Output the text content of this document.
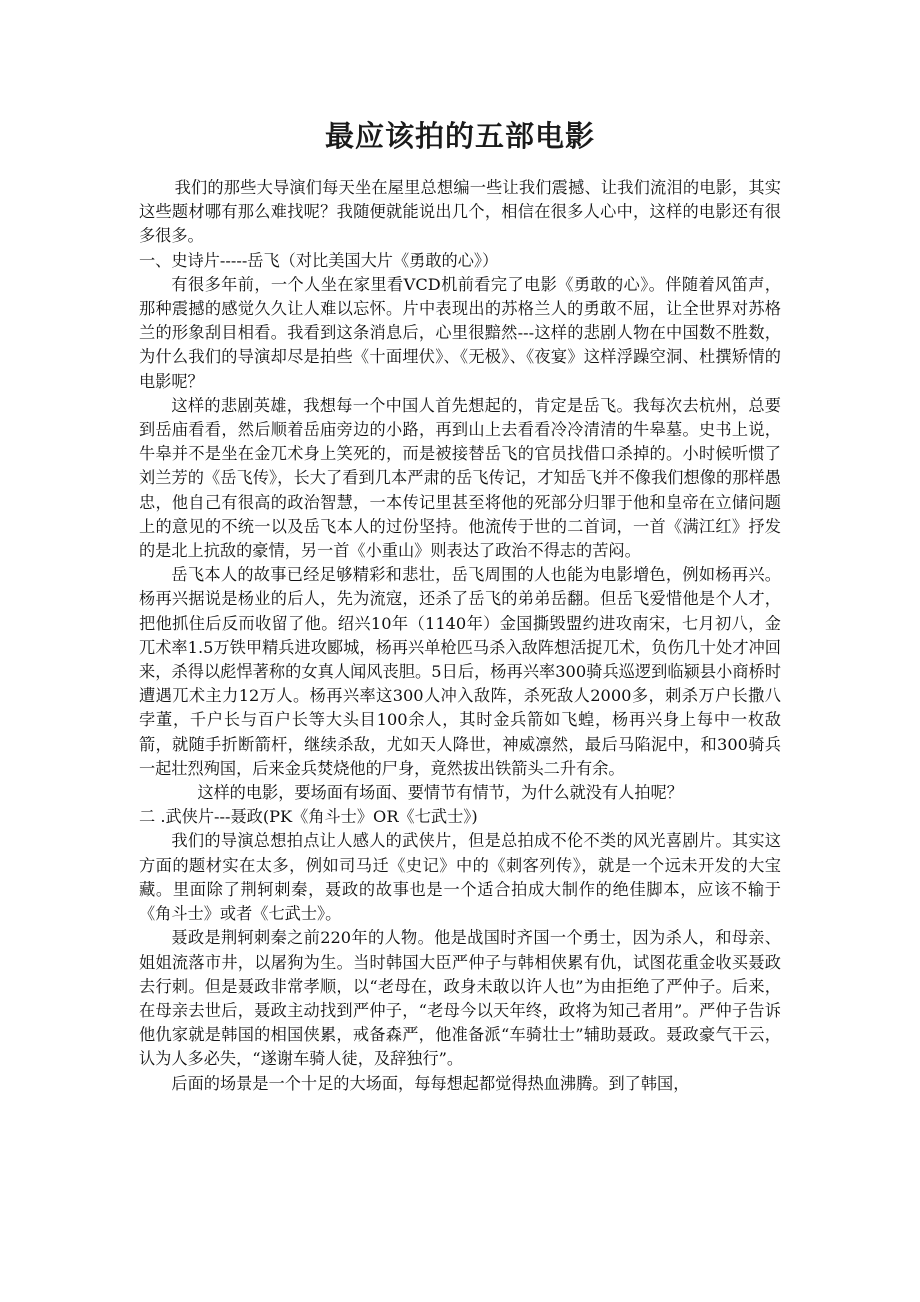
最应该拍的五部电影

我们的那些大导演们每天坐在屋里总想编一些让我们震撼、让我们流泪的电影，其实这些题材哪有那么难找呢？我随便就能说出几个，相信在很多人心中，这样的电影还有很多很多。

一、史诗片-----岳飞（对比美国大片《勇敢的心》）

有很多年前，一个人坐在家里看VCD机前看完了电影《勇敢的心》。伴随着风笛声，那种震撼的感觉久久让人难以忘怀。片中表现出的苏格兰人的勇敢不屈，让全世界对苏格兰的形象刮目相看。我看到这条消息后，心里很黯然---这样的悲剧人物在中国数不胜数，为什么我们的导演却尽是拍些《十面埋伏》、《无极》、《夜宴》这样浮躁空洞、杜撰矫情的电影呢？

这样的悲剧英雄，我想每一个中国人首先想起的，肯定是岳飞。我每次去杭州，总要到岳庙看看，然后顺着岳庙旁边的小路，再到山上去看看冷冷清清的牛皋墓。史书上说，牛皋并不是坐在金兀术身上笑死的，而是被接替岳飞的官员找借口杀掉的。小时候听惯了刘兰芳的《岳飞传》，长大了看到几本严肃的岳飞传记，才知岳飞并不像我们想像的那样愚忠，他自己有很高的政治智慧，一本传记里甚至将他的死部分归罪于他和皇帝在立储问题上的意见的不统一以及岳飞本人的过份坚持。他流传于世的二首词，一首《满江红》抒发的是北上抗敌的豪情，另一首《小重山》则表达了政治不得志的苦闷。

岳飞本人的故事已经足够精彩和悲壮，岳飞周围的人也能为电影增色，例如杨再兴。杨再兴据说是杨业的后人，先为流寇，还杀了岳飞的弟弟岳翻。但岳飞爱惜他是个人才，把他抓住后反而收留了他。绍兴10年（1140年）金国撕毁盟约进攻南宋，七月初八，金兀术率1.5万铁甲精兵进攻郾城，杨再兴单枪匹马杀入敌阵想活捉兀术，负伤几十处才冲回来，杀得以彪悍著称的女真人闻风丧胆。5日后，杨再兴率300骑兵巡逻到临颍县小商桥时遭遇兀术主力12万人。杨再兴率这300人冲入敌阵，杀死敌人2000多，刺杀万户长撒八孛董，千户长与百户长等大头目100余人，其时金兵箭如飞蝗，杨再兴身上每中一枚敌箭，就随手折断箭杆，继续杀敌，尤如天人降世，神威凛然，最后马陷泥中，和300骑兵一起壮烈殉国，后来金兵焚烧他的尸身，竟然拔出铁箭头二升有余。

这样的电影，要场面有场面、要情节有情节，为什么就没有人拍呢？

二 .武侠片---聂政(PK《角斗士》OR《七武士》)

我们的导演总想拍点让人感人的武侠片，但是总拍成不伦不类的风光喜剧片。其实这方面的题材实在太多，例如司马迁《史记》中的《刺客列传》，就是一个远未开发的大宝藏。里面除了荆轲刺秦，聂政的故事也是一个适合拍成大制作的绝佳脚本，应该不输于《角斗士》或者《七武士》。

聂政是荆轲刺秦之前220年的人物。他是战国时齐国一个勇士，因为杀人，和母亲、姐姐流落市井，以屠狗为生。当时韩国大臣严仲子与韩相侠累有仇，试图花重金收买聂政去行刺。但是聂政非常孝顺，以“老母在，政身未敢以许人也”为由拒绝了严仲子。后来，在母亲去世后，聂政主动找到严仲子，“老母今以天年终，政将为知己者用”。严仲子告诉他仇家就是韩国的相国侠累，戒备森严，他准备派“车骑壮士”辅助聂政。聂政豪气干云，认为人多必失，“遂谢车骑人徒，及辞独行”。

后面的场景是一个十足的大场面，每每想起都觉得热血沸腾。到了韩国，
